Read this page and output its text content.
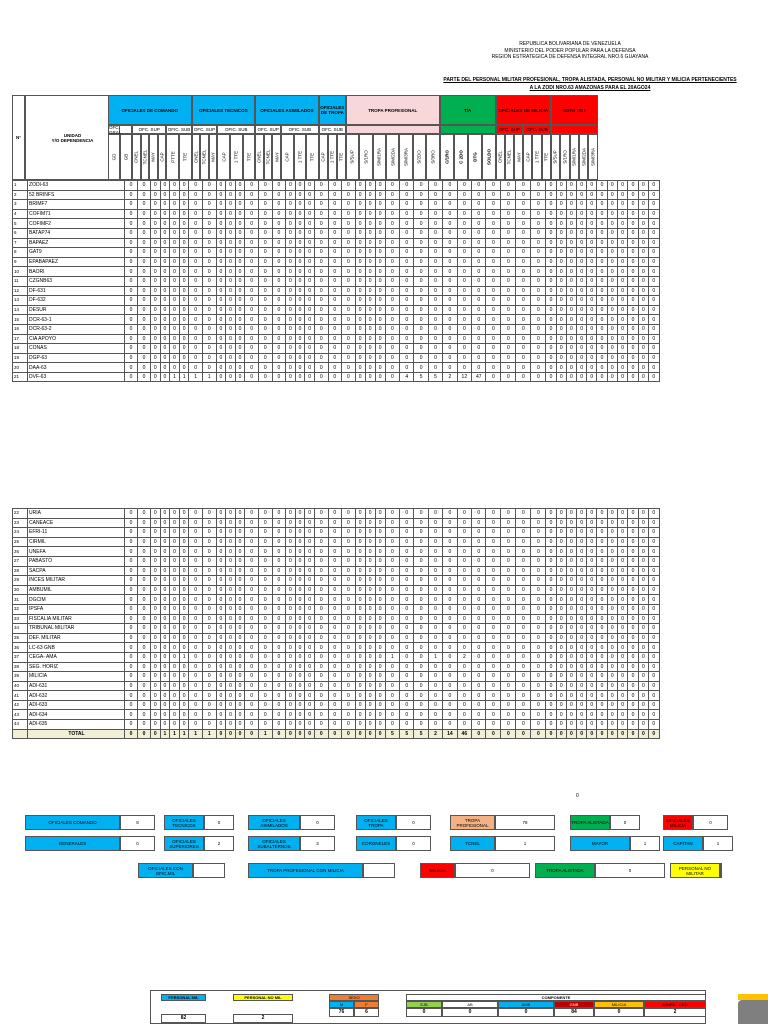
REPUBLICA BOLIVARIANA DE VENEZUELA
MINISTERIO DEL PODER POPULAR PARA LA DEFENSA
REGION ESTRATEGICA DE DEFENSA INTEGRAL NRO.6 GUAYANA
PARTE DEL PERSONAL MILITAR PROFESIONAL, TROPA ALISTADA, PERSONAL NO MILITAR Y MILICIA PERTENECIENTES
A LA ZODI NRO.63 AMAZONAS PARA EL 20AGO24
N°	UNIDAD
Y/O DEPENDENCIA
OFICIALES DE COMANDO	OFICIALES TECNICOS	OFICIALES ASIMILADOS	OFICIALES DE TROPA	TROPA PROFESIONAL	T/A	OFICIALES DE MILICIA	SDTO DE I
OFC. GRAL	OFC. SUP	OFIC. SUB OFC. SUP	OFIC. SUB	OFC. SUP	OFIC. SUB	OFC. SUB	OFC. SUP	OFC. SUB
GD GB CNEL TCNEL MAY CAP PTTE TTE CNEL TCNEL MAY CAP 1 TTE TTE CNEL TCNEL MAY CAP 1 TTE TTE CAP 1 TTE TTE S/SUP S/1RO S/M/1RA S/M/2DA S/M/3RA S/2DO S/3RO C/1RO C 2DO DTG SOLDO CNEL TCNEL MAY CAP 1 TTE TTE S/SUP S/1RO S/M/1RA S/M/2DA S/M/3RA
1	ZODI-63	0	0	0	0	0	0	0	0	0	0	0	0	0	0	0	0	0	0	0	0	0	0	0	0	0	0	0	0	0	0	0	0	0	0	0	0	0	0	0	0	0	0	0	0	0
2	52 BRINFS	0	0	0	0	0	0	0	0	0	0	0	0	0	0	0	0	0	0	0	0	0	0	0	0	0	0	0	0	0	0	0	0	0	0	0	0	0	0	0	0	0	0	0	0	0
3	BRIMF7	0	0	0	0	0	0	0	0	0	0	0	0	0	0	0	0	0	0	0	0	0	0	0	0	0	0	0	0	0	0	0	0	0	0	0	0	0	0	0	0	0	0	0	0	0
4	COFIM71	0	0	0	0	0	0	0	0	0	0	0	0	0	0	0	0	0	0	0	0	0	0	0	0	0	0	0	0	0	0	0	0	0	0	0	0	0	0	0	0	0	0	0	0	0
5	COFIMF2	0	0	0	0	0	0	0	0	0	0	0	0	0	0	0	0	0	0	0	0	0	0	0	0	0	0	0	0	0	0	0	0	0	0	0	0	0	0	0	0	0	0	0	0	0
6	BATAP74	0	0	0	0	0	0	0	0	0	0	0	0	0	0	0	0	0	0	0	0	0	0	0	0	0	0	0	0	0	0	0	0	0	0	0	0	0	0	0	0	0	0	0	0	0
7	BAPAEZ	0	0	0	0	0	0	0	0	0	0	0	0	0	0	0	0	0	0	0	0	0	0	0	0	0	0	0	0	0	0	0	0	0	0	0	0	0	0	0	0	0	0	0	0	0
8	GAT9	0	0	0	0	0	0	0	0	0	0	0	0	0	0	0	0	0	0	0	0	0	0	0	0	0	0	0	0	0	0	0	0	0	0	0	0	0	0	0	0	0	0	0	0	0
9	EPABAPAEZ	0	0	0	0	0	0	0	0	0	0	0	0	0	0	0	0	0	0	0	0	0	0	0	0	0	0	0	0	0	0	0	0	0	0	0	0	0	0	0	0	0	0	0	0	0
10	BAORI	0	0	0	0	0	0	0	0	0	0	0	0	0	0	0	0	0	0	0	0	0	0	0	0	0	0	0	0	0	0	0	0	0	0	0	0	0	0	0	0	0	0	0	0	0
11	CZGNB63	0	0	0	0	0	0	0	0	0	0	0	0	0	0	0	0	0	0	0	0	0	0	0	0	0	0	0	0	0	0	0	0	0	0	0	0	0	0	0	0	0	0	0	0	0
12	DF-631	0	0	0	0	0	0	0	0	0	0	0	0	0	0	0	0	0	0	0	0	0	0	0	0	0	0	0	0	0	0	0	0	0	0	0	0	0	0	0	0	0	0	0	0	0
13	DF-632	0	0	0	0	0	0	0	0	0	0	0	0	0	0	0	0	0	0	0	0	0	0	0	0	0	0	0	0	0	0	0	0	0	0	0	0	0	0	0	0	0	0	0	0	0
14	DESUR	0	0	0	0	0	0	0	0	0	0	0	0	0	0	0	0	0	0	0	0	0	0	0	0	0	0	0	0	0	0	0	0	0	0	0	0	0	0	0	0	0	0	0	0	0
15	DCR-63-1	0	0	0	0	0	0	0	0	0	0	0	0	0	0	0	0	0	0	0	0	0	0	0	0	0	0	0	0	0	0	0	0	0	0	0	0	0	0	0	0	0	0	0	0	0
16	DCR-63-2	0	0	0	0	0	0	0	0	0	0	0	0	0	0	0	0	0	0	0	0	0	0	0	0	0	0	0	0	0	0	0	0	0	0	0	0	0	0	0	0	0	0	0	0	0
17	CIA APOYO	0	0	0	0	0	0	0	0	0	0	0	0	0	0	0	0	0	0	0	0	0	0	0	0	0	0	0	0	0	0	0	0	0	0	0	0	0	0	0	0	0	0	0	0	0
18	CONAS	0	0	0	0	0	0	0	0	0	0	0	0	0	0	0	0	0	0	0	0	0	0	0	0	0	0	0	0	0	0	0	0	0	0	0	0	0	0	0	0	0	0	0	0	0
19	DGP-63	0	0	0	0	0	0	0	0	0	0	0	0	0	0	0	0	0	0	0	0	0	0	0	0	0	0	0	0	0	0	0	0	0	0	0	0	0	0	0	0	0	0	0	0	0
20	DAA-63	0	0	0	0	0	0	0	0	0	0	0	0	0	0	0	0	0	0	0	0	0	0	0	0	0	0	0	0	0	0	0	0	0	0	0	0	0	0	0	0	0	0	0	0	0
21	DVF-63	0	0	0	0	1	1	1	1	0	0	0	0	0	0	0	0	0	0	0	0	0	0	0	0	4	5	5	2	12	47	0	0	0	0	0	0	0	0	0	0	0	0	0	0	0
22	URIA	0	0	0	0	0	0	0	0	0	0	0	0	0	0	0	0	0	0	0	0	0	0	0	0	0	0	0	0	0	0	0	0	0	0	0	0	0	0	0	0	0	0	0	0	0
23	CANEACE	0	0	0	0	0	0	0	0	0	0	0	0	0	0	0	0	0	0	0	0	0	0	0	0	0	0	0	0	0	0	0	0	0	0	0	0	0	0	0	0	0	0	0	0	0
24	EFRI-11	0	0	0	0	0	0	0	0	0	0	0	0	0	0	0	0	0	0	0	0	0	0	0	0	0	0	0	0	0	0	0	0	0	0	0	0	0	0	0	0	0	0	0	0	0
25	CIRMIL	0	0	0	0	0	0	0	0	0	0	0	0	0	0	0	0	0	0	0	0	0	0	0	0	0	0	0	0	0	0	0	0	0	0	0	0	0	0	0	0	0	0	0	0	0
26	UNEFA	0	0	0	0	0	0	0	0	0	0	0	0	0	0	0	0	0	0	0	0	0	0	0	0	0	0	0	0	0	0	0	0	0	0	0	0	0	0	0	0	0	0	0	0	0
27	PABASTO	0	0	0	0	0	0	0	0	0	0	0	0	0	0	0	0	0	0	0	0	0	0	0	0	0	0	0	0	0	0	0	0	0	0	0	0	0	0	0	0	0	0	0	0	0
28	SACPA	0	0	0	0	0	0	0	0	0	0	0	0	0	0	0	0	0	0	0	0	0	0	0	0	0	0	0	0	0	0	0	0	0	0	0	0	0	0	0	0	0	0	0	0	0
29	INCES MILITAR	0	0	0	0	0	0	0	0	0	0	0	0	0	0	0	0	0	0	0	0	0	0	0	0	0	0	0	0	0	0	0	0	0	0	0	0	0	0	0	0	0	0	0	0	0
30	AMBUMIL	0	0	0	0	0	0	0	0	0	0	0	0	0	0	0	0	0	0	0	0	0	0	0	0	0	0	0	0	0	0	0	0	0	0	0	0	0	0	0	0	0	0	0	0	0
31	DGCIM	0	0	0	0	0	0	0	0	0	0	0	0	0	0	0	0	0	0	0	0	0	0	0	0	0	0	0	0	0	0	0	0	0	0	0	0	0	0	0	0	0	0	0	0	0
32	IPSFA	0	0	0	0	0	0	0	0	0	0	0	0	0	0	0	0	0	0	0	0	0	0	0	0	0	0	0	0	0	0	0	0	0	0	0	0	0	0	0	0	0	0	0	0	0
33	FISCALIA MILITAR	0	0	0	0	0	0	0	0	0	0	0	0	0	0	0	0	0	0	0	0	0	0	0	0	0	0	0	0	0	0	0	0	0	0	0	0	0	0	0	0	0	0	0	0	0
34	TRIBUNAL MILITAR	0	0	0	0	0	0	0	0	0	0	0	0	0	0	0	0	0	0	0	0	0	0	0	0	0	0	0	0	0	0	0	0	0	0	0	0	0	0	0	0	0	0	0	0	0
35	DEF. MILITAR	0	0	0	0	0	0	0	0	0	0	0	0	0	0	0	0	0	0	0	0	0	0	0	0	0	0	0	0	0	0	0	0	0	0	0	0	0	0	0	0	0	0	0	0	0
36	LC-63 GNB	0	0	0	0	0	0	0	0	0	0	0	0	0	0	0	0	0	0	0	0	0	0	0	0	0	0	0	0	0	0	0	0	0	0	0	0	0	0	0	0	0	0	0	0	0
37	CEGA- AMA	0	0	0	0	0	1	0	0	0	0	0	0	0	0	0	0	0	0	0	0	0	0	0	1	0	0	1	0	2	0	0	0	0	0	0	0	0	0	0	0	0	0	0	0	0
38	SEG. HORIZ	0	0	0	0	0	0	0	0	0	0	0	0	0	0	0	0	0	0	0	0	0	0	0	0	0	0	0	0	0	0	0	0	0	0	0	0	0	0	0	0	0	0	0	0	0
39	MILICIA	0	0	0	0	0	0	0	0	0	0	0	0	0	0	0	0	0	0	0	0	0	0	0	0	0	0	0	0	0	0	0	0	0	0	0	0	0	0	0	0	0	0	0	0	0
40	ADI-631	0	0	0	0	0	0	0	0	0	0	0	0	0	0	0	0	0	0	0	0	0	0	0	0	0	0	0	0	0	0	0	0	0	0	0	0	0	0	0	0	0	0	0	0	0
41	ADI-632	0	0	0	0	0	0	0	0	0	0	0	0	0	0	0	0	0	0	0	0	0	0	0	0	0	0	0	0	0	0	0	0	0	0	0	0	0	0	0	0	0	0	0	0	0
42	ADI-633	0	0	0	0	0	0	0	0	0	0	0	0	0	0	0	0	0	0	0	0	0	0	0	0	0	0	0	0	0	0	0	0	0	0	0	0	0	0	0	0	0	0	0	0	0
43	ADI-634	0	0	0	0	0	0	0	0	0	0	0	0	0	0	0	0	0	0	0	0	0	0	0	0	0	0	0	0	0	0	0	0	0	0	0	0	0	0	0	0	0	0	0	0	0
44	ADI-635	0	0	0	0	0	0	0	0	0	0	0	0	0	0	0	0	0	0	0	0	0	0	0	0	0	0	0	0	0	0	0	0	0	0	0	0	0	0	0	0	0	0	0	0	0
	TOTAL	0	0	0	1	1	1	1	1	0	0	0	0	1	0	0	0	0	0	0	0	0	0	0	5	5	5	2	14	46	0	0	0	0	0	0	0	0	0	0	0	0	0	0	0	0
0
OFICIALES COMANDO	8	OFICIALES TECNICOS	0	OFICIALES ASIMILADOS	0	OFICIALES TROPA	0	TROPA PROFESIONAL	78	TROPA ALISTADA	0	OFICIALES MILICIA	0
GENERALES	0	OFICIALES SUPERIORES	2	OFICIALES SUBALTERNOS	3	CORONELES	0	TCNEL	1	MAYOR	1	CAPITAN	1
OFICIALES CON OFIC.MIL	TROPA PROFESIONAL CON MILICIA	MILICIA	0	TROPA ALISTADA	0	PERSONAL NO MILITAR
PERSONAL MIL	PERSONAL NO MIL	SEXO
M	F
COMPONENTE
EJB	AB	AMB	GNB	MILICIA	MINPD - CEO
82	2
76	6	0	0	0	84	0	2
